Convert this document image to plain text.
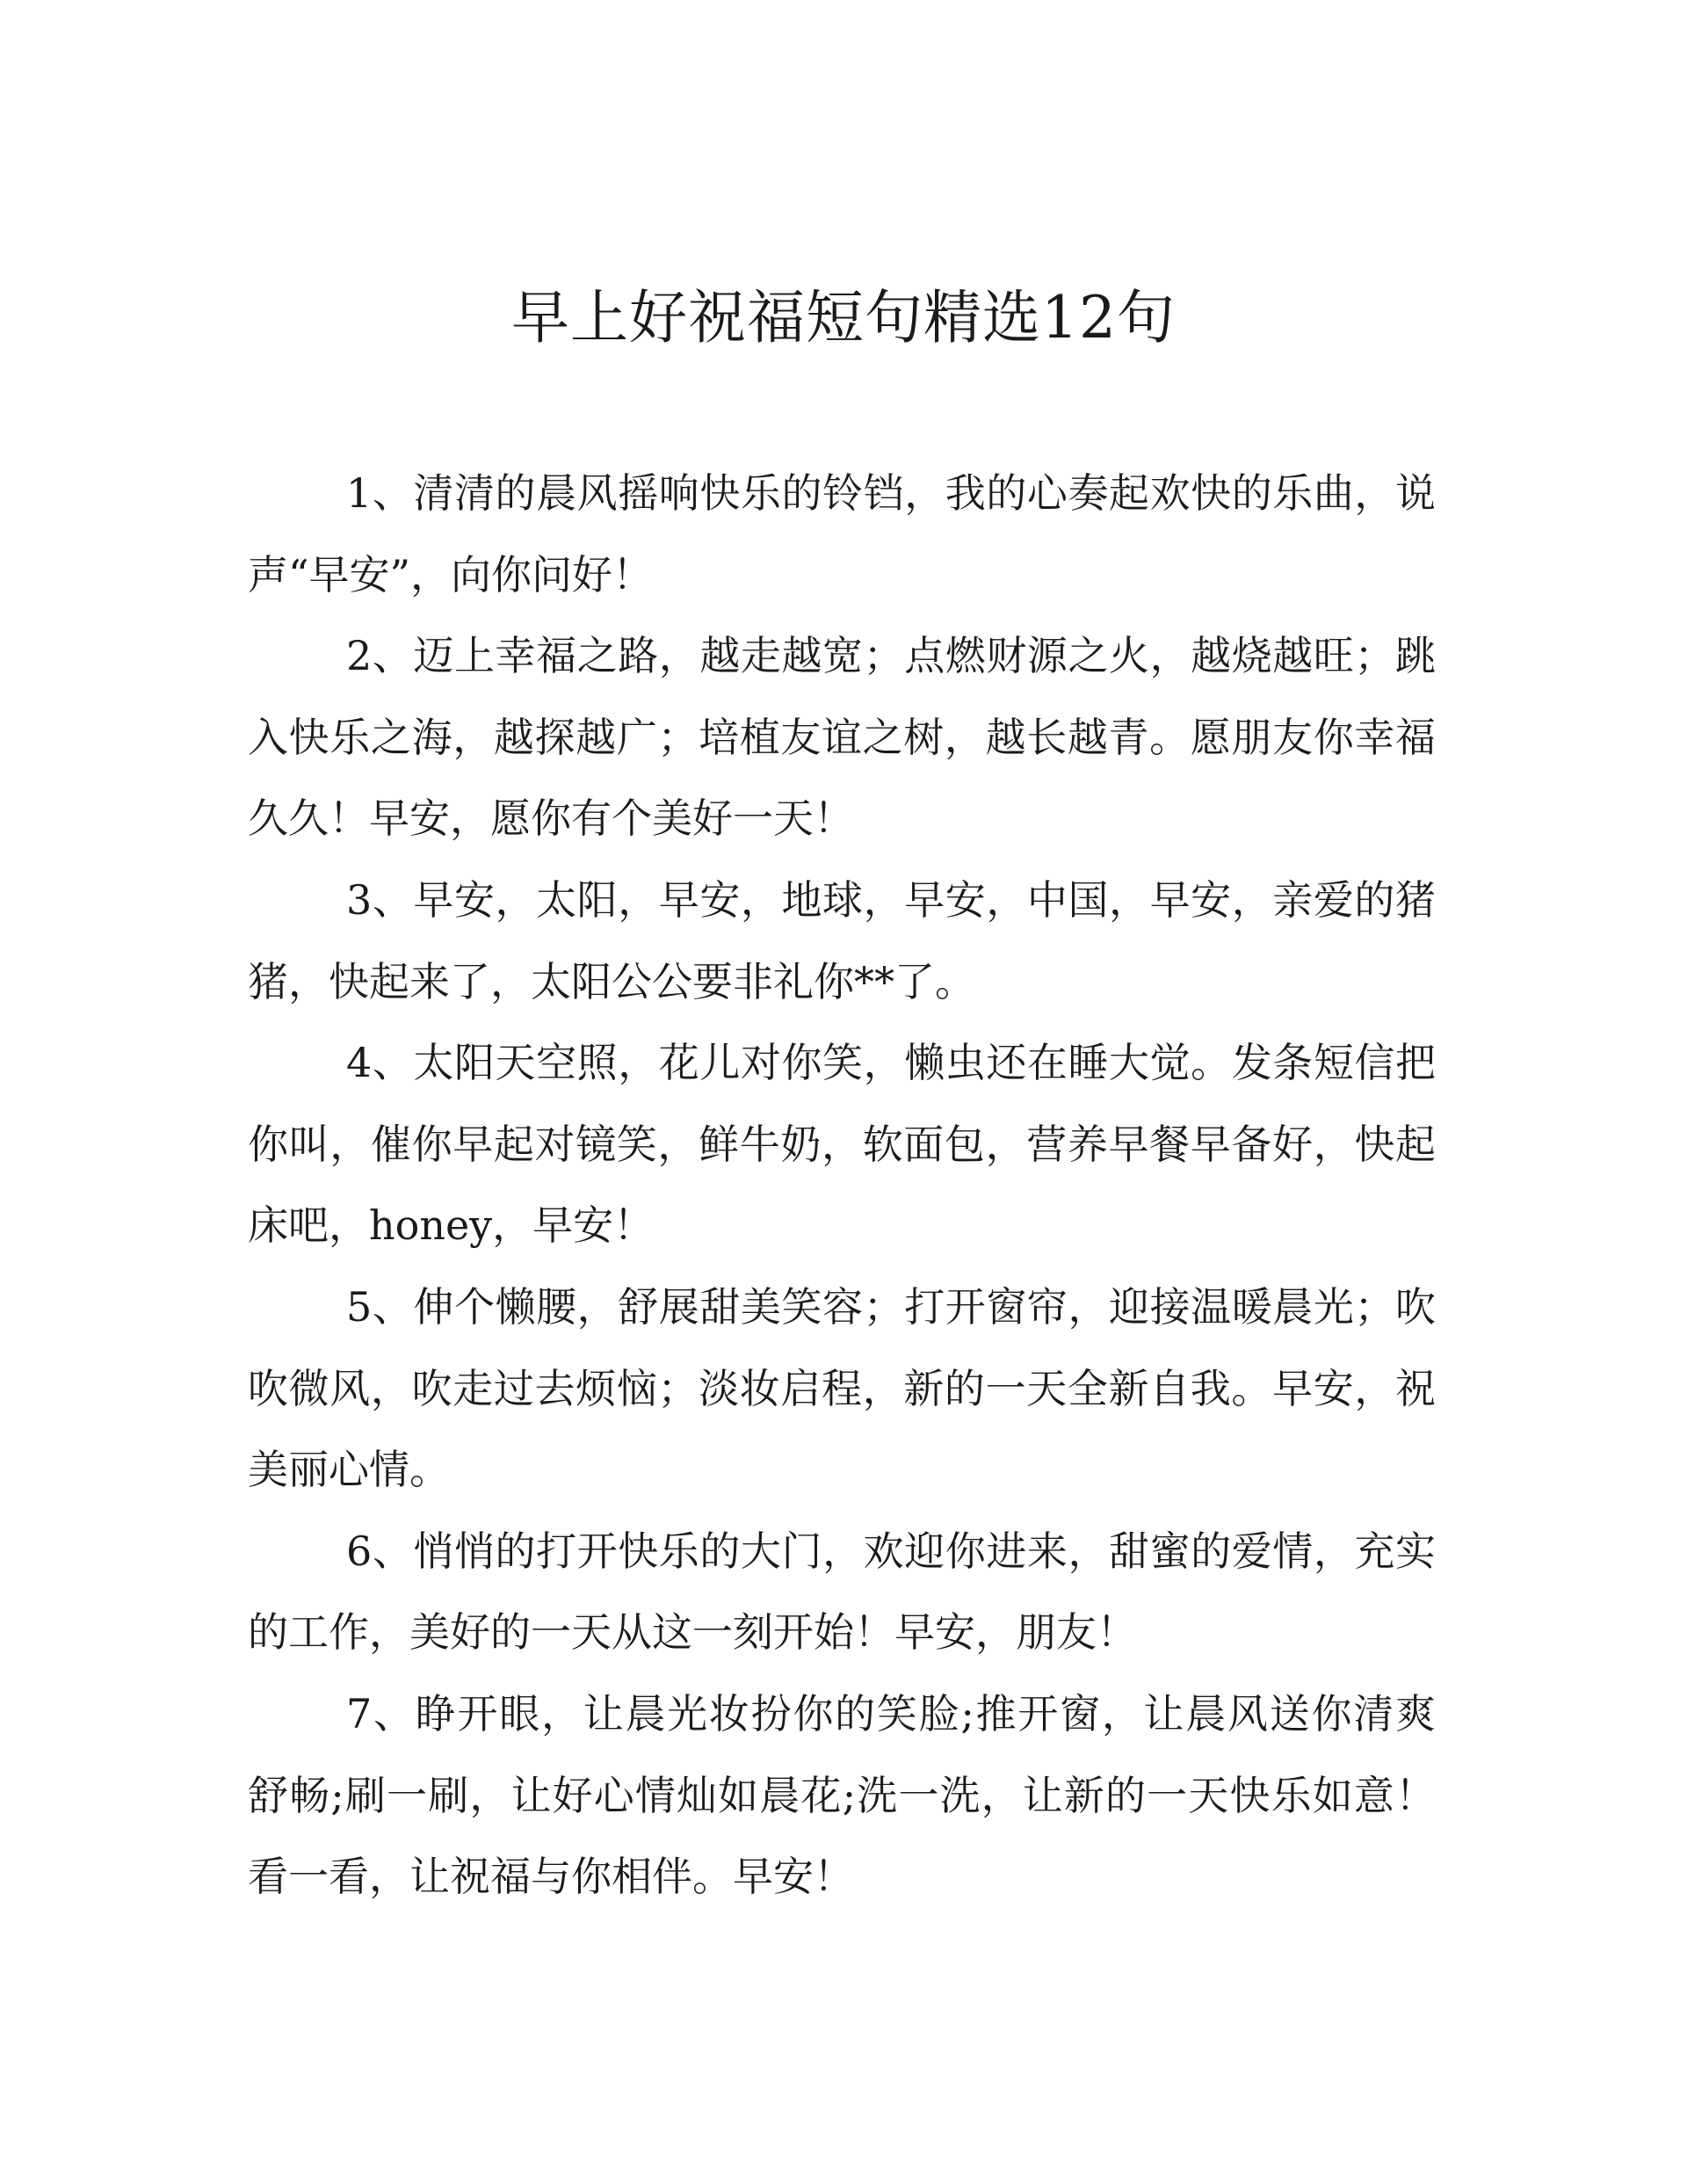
早上好祝福短句精选12句

1、清清的晨风摇响快乐的铃铛，我的心奏起欢快的乐曲，说声“早安”，向你问好！

2、迈上幸福之路，越走越宽；点燃财源之火，越烧越旺；跳入快乐之海，越探越广；培植友谊之树，越长越青。愿朋友你幸福久久！早安，愿你有个美好一天！

3、早安，太阳，早安，地球，早安，中国，早安，亲爱的猪猪，快起来了，太阳公公要非礼你**了。

4、太阳天空照，花儿对你笑，懒虫还在睡大觉。发条短信把你叫，催你早起对镜笑，鲜牛奶，软面包，营养早餐早备好，快起床吧，honey，早安！

5、伸个懒腰，舒展甜美笑容；打开窗帘，迎接温暖晨光；吹吹微风，吹走过去烦恼；淡妆启程，新的一天全新自我。早安，祝美丽心情。

6、悄悄的打开快乐的大门，欢迎你进来，甜蜜的爱情，充实的工作，美好的一天从这一刻开始！早安，朋友！

7、睁开眼，让晨光妆扮你的笑脸;推开窗，让晨风送你清爽舒畅;刷一刷，让好心情灿如晨花;洗一洗，让新的一天快乐如意！看一看，让祝福与你相伴。早安！
